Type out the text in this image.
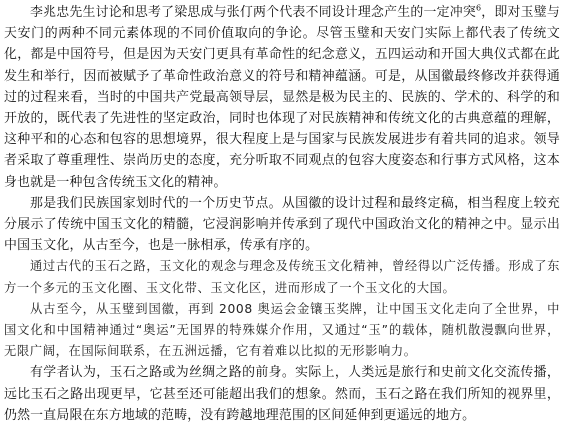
李兆忠先生讨论和思考了梁思成与张仃两个代表不同设计理念产生的一定冲突$^6$，即对玉璧与天安门的两种不同元素体现的不同价值取向的争论。尽管玉璧和天安门实际上都代表了传统文化，都是中国符号，但是因为天安门更具有革命性的纪念意义，五四运动和开国大典仪式都在此发生和举行，因而被赋予了革命性政治意义的符号和精神蕴涵。可是，从国徽最终修改并获得通过的过程来看，当时的中国共产党最高领导层，显然是极为民主的、民族的、学术的、科学的和开放的，既代表了先进性的坚定政治，同时也体现了对民族精神和传统文化的古典意蕴的理解，这种平和的心态和包容的思想境界，很大程度上是与国家与民族发展进步有着共同的追求。领导者采取了尊重理性、崇尚历史的态度，充分听取不同观点的包容大度姿态和行事方式风格，这本身也就是一种包含传统玉文化的精神。

那是我们民族国家划时代的一个历史节点。从国徽的设计过程和最终定稿，相当程度上较充分展示了传统中国玉文化的精髓，它浸润影响并传承到了现代中国政治文化的精神之中。显示出中国玉文化，从古至今，也是一脉相承，传承有序的。

通过古代的玉石之路，玉文化的观念与理念及传统玉文化精神，曾经得以广泛传播。形成了东方一个多元的玉文化圈、玉文化带、玉文化区，进而形成了一个玉文化的大国。

从古至今，从玉璧到国徽，再到 2008 奥运会金镶玉奖牌，让中国玉文化走向了全世界，中国文化和中国精神通过“奥运”无国界的特殊媒介作用，又通过“玉”的载体，随机散漫飘向世界，无限广阔，在国际间联系，在五洲远播，它有着难以比拟的无形影响力。

有学者认为，玉石之路或为丝绸之路的前身。实际上，人类远是旅行和史前文化交流传播，远比玉石之路出现更早，它甚至还可能超出我们的想象。然而，玉石之路在我们所知的视界里，仍然一直局限在东方地域的范畴，没有跨越地理范围的区间延伸到更遥远的地方。
